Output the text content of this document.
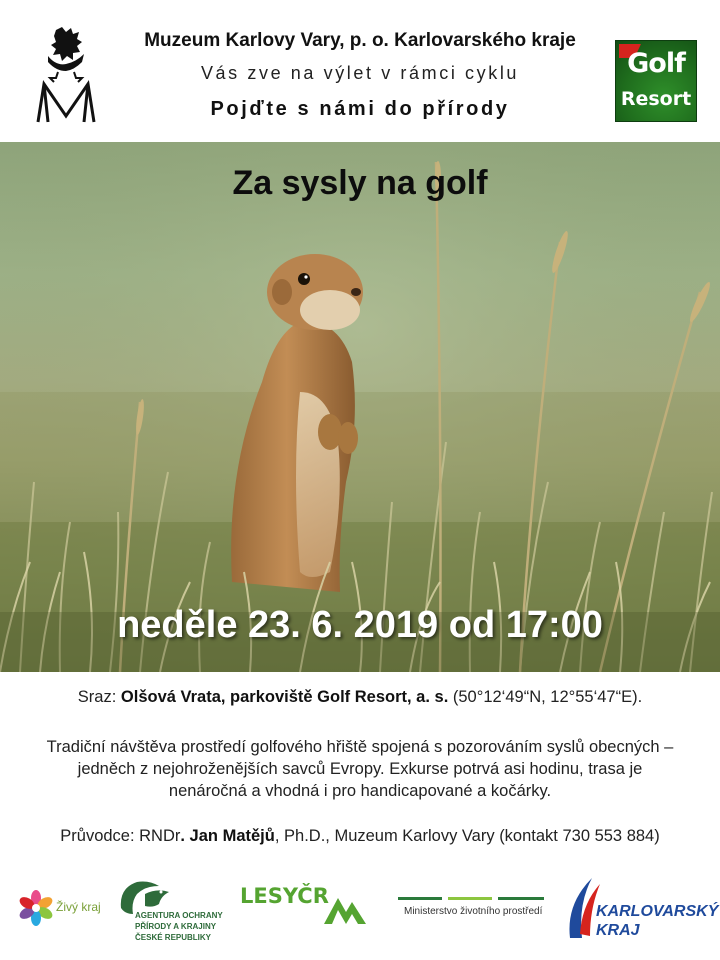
Muzeum Karlovy Vary, p. o. Karlovarského kraje
Vás zve na výlet v rámci cyklu
Pojďte s námi do přírody
Golf
Resort
Za sysly na golf
neděle 23. 6. 2019 od 17:00
Sraz: Olšová Vrata, parkoviště Golf Resort, a. s. (50°12‘49“N, 12°55‘47“E).
Tradiční návštěva prostředí golfového hřiště spojená s pozorováním syslů obecných –
jedněch z nejohroženějších savců Evropy. Exkurse potrvá asi hodinu, trasa je
nenáročná a vhodná i pro handicapované a kočárky.
Průvodce: RNDr. Jan Matějů, Ph.D., Muzeum Karlovy Vary (kontakt 730 553 884)
Živý kraj
AGENTURA OCHRANY PŘÍRODY A KRAJINY ČESKÉ REPUBLIKY
LESYČR
Ministerstvo životního prostředí	KARLOVARSKÝ
KRAJ
